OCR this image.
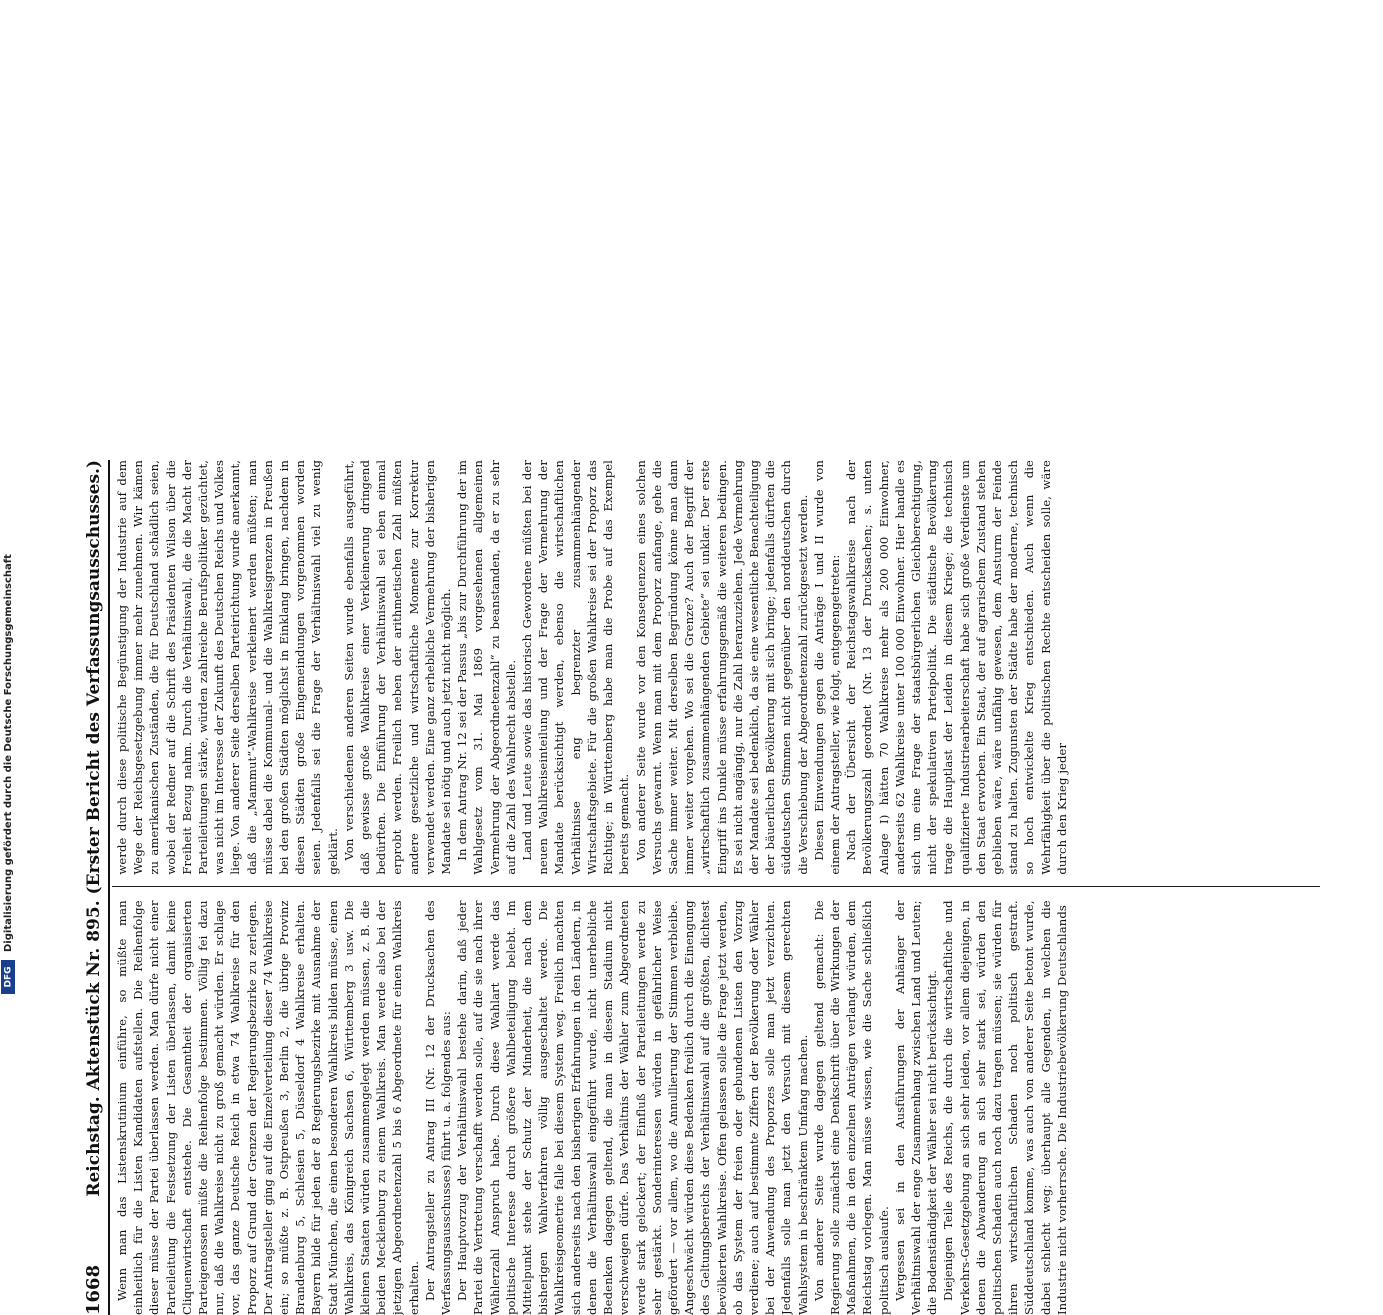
Digitalisierung gefördert durch die Deutsche Forschungsgemeinschaft
DFG
1668
Reichstag. Aktenstück Nr. 895. (Erster Bericht des Verfassungsausschusses.) Wenn man das Listenskrutinium einführe, so müßte man einheitlich für die Listen Kandidaten aufstellen. Die Reihenfolge dieser müsse der Partei überlassen werden. Man dürfe nicht einer Parteileitung die Festsetzung der Listen überlassen, damit keine Cliquenwirtschaft entstehe. Die Gesamtheit der organisierten Parteigenossen müßte die Reihenfolge bestimmen. Völlig fei dazu nur, daß die Wahlkreise nicht zu groß gemacht würden. Er schlage vor, das ganze Deutsche Reich in etwa 74 Wahlkreise für den Proporz auf Grund der Grenzen der Regierungsbezirke zu zerlegen. Der Antragsteller ging auf die Einzelverteilung dieser 74 Wahlkreise ein; so müßte z. B. Ostpreußen 3, Berlin 2, die übrige Provinz Brandenburg 5, Schlesien 5, Düsseldorf 4 Wahlkreise erhalten. Bayern bilde für jeden der 8 Regierungsbezirke mit Ausnahme der Stadt München, die einen besonderen Wahlkreis bilden müsse, einen Wahlkreis, das Königreich Sachsen 6, Württemberg 3 usw. Die kleinen Staaten würden zusammengelegt werden müssen, z. B. die beiden Mecklenburg zu einem Wahlkreis. Man werde also bei der jetzigen Abgeordnetenzahl 5 bis 6 Abgeordnete für einen Wahlkreis erhalten. Der Antragsteller zu Antrag III (Nr. 12 der Drucksachen des Verfassungsausschusses) führt u. a. folgendes aus: Der Hauptvorzug der Verhältniswahl bestehe darin, daß jeder Partei die Vertretung verschafft werden solle, auf die sie nach ihrer Wählerzahl Anspruch habe. Durch diese Wahlart werde das politische Interesse durch größere Wahlbeteiligung belebt. Im Mittelpunkt stehe der Schutz der Minderheit, die nach dem bisherigen Wahlverfahren völlig ausgeschaltet werde. Die Wahlkreisgeometrie falle bei diesem System weg. Freilich machten sich anderseits nach den bisherigen Erfahrungen in den Ländern, in denen die Verhältniswahl eingeführt wurde, nicht unerhebliche Bedenken dagegen geltend, die man in diesem Stadium nicht verschweigen dürfe. Das Verhältnis der Wähler zum Abgeordneten werde stark gelockert; der Einfluß der Parteileitungen werde zu sehr gestärkt. Sonderinteressen würden in gefährlicher Weise gefördert — vor allem, wo die Annullierung der Stimmen verbleibe. Angeschwächt würden diese Bedenken freilich durch die Einengung des Geltungsbereichs der Verhältniswahl auf die größten, dichtest bevölkerten Wahlkreise. Offen gelassen solle die Frage jetzt werden, ob das System der freien oder gebundenen Listen den Vorzug verdiene; auch auf bestimmte Ziffern der Bevölkerung oder Wähler bei der Anwendung des Proporzes solle man jetzt verzichten. Jedenfalls solle man jetzt den Versuch mit diesem gerechten Wahlsystem in beschränktem Umfang machen. Von anderer Seite wurde dagegen geltend gemacht: Die Regierung solle zunächst eine Denkschrift über die Wirkungen der Maßnahmen, die in den einzelnen Anträgen verlangt würden, dem Reichstag vorlegen. Man müsse wissen, wie die Sache schließlich politisch auslaufe. Vergessen sei in den Ausführungen der Anhänger der Verhältniswahl der enge Zusammenhang zwischen Land und Leuten; die Bodenständigkeit der Wähler sei nicht berücksichtigt. Diejenigen Teile des Reichs, die durch die wirtschaftliche und Verkehrs-Gesetzgebung an sich sehr leiden, vor allem diejenigen, in denen die Abwanderung an sich sehr stark sei, würden den politischen Schaden auch noch dazu tragen müssen; sie würden für ihren wirtschaftlichen Schaden noch politisch gestraft. Süddeutschland komme, was auch von anderer Seite betont wurde, dabei schlecht weg; überhaupt alle Gegenden, in welchen die Industrie nicht vorherrsche. Die Industriebevölkerung Deutschlands

werde durch diese politische Begünstigung der Industrie auf dem Wege der Reichsgesetzgebung immer mehr zunehmen. Wir kämen zu amerikanischen Zuständen, die für Deutschland schädlich seien, wobei der Redner auf die Schrift des Präsidenten Wilson über die Freiheit Bezug nahm. Durch die Verhältniswahl, die die Macht der Parteileitungen stärke, würden zahlreiche Berufspolitiker gezüchtet, was nicht im Interesse der Zukunft des Deutschen Reichs und Volkes liege. Von anderer Seite derselben Parteirichtung wurde anerkannt, daß die „Mammut“-Wahlkreise verkleinert werden müßten; man müsse dabei die Kommunal- und die Wahlkreisgrenzen in Preußen bei den großen Städten möglichst in Einklang bringen, nachdem in diesen Städten große Eingemeindungen vorgenommen worden seien. Jedenfalls sei die Frage der Verhältniswahl viel zu wenig geklärt. Von verschiedenen anderen Seiten wurde ebenfalls ausgeführt, daß gewisse große Wahlkreise einer Verkleinerung dringend bedürften. Die Einführung der Verhältniswahl sei eben einmal erprobt werden. Freilich neben der arithmetischen Zahl müßten andere gesetzliche und wirtschaftliche Momente zur Korrektur verwendet werden. Eine ganz erhebliche Vermehrung der bisherigen Mandate sei nötig und auch jetzt nicht möglich. In dem Antrag Nr. 12 sei der Passus „bis zur Durchführung der im Wahlgesetz vom 31. Mai 1869 vorgesehenen allgemeinen Vermehrung der Abgeordnetenzahl“ zu beanstanden, da er zu sehr auf die Zahl des Wahlrecht abstelle. Land und Leute sowie das historisch Gewordene müßten bei der neuen Wahlkreiseinteilung und der Frage der Vermehrung der Mandate berücksichtigt werden, ebenso die wirtschaftlichen Verhältnisse eng begrenzter zusammenhängender Wirtschaftsgebiete. Für die großen Wahlkreise sei der Proporz das Richtige; in Württemberg habe man die Probe auf das Exempel bereits gemacht. Von anderer Seite wurde vor den Konsequenzen eines solchen Versuchs gewarnt. Wenn man mit dem Proporz anfange, gehe die Sache immer weiter. Mit derselben Begründung könne man dann immer weiter vorgehen. Wo sei die Grenze? Auch der Begriff der „wirtschaftlich zusammenhängenden Gebiete“ sei unklar. Der erste Eingriff ins Dunkle müsse erfahrungsgemäß die weiteren bedingen. Es sei nicht angängig, nur die Zahl heranzuziehen. Jede Vermehrung der Mandate sei bedenklich, da sie eine wesentliche Benachteiligung der bäuerlichen Bevölkerung mit sich bringe; jedenfalls dürften die süddeutschen Stimmen nicht gegenüber den norddeutschen durch die Verschiebung der Abgeordnetenzahl zurückgesetzt werden. Diesen Einwendungen gegen die Anträge I und II wurde von einem der Antragsteller, wie folgt, entgegengetreten: Nach der Übersicht der Reichstagswahlkreise nach der Bevölkerungszahl geordnet (Nr. 13 der Drucksachen; s. unten Anlage I) hätten 70 Wahlkreise mehr als 200 000 Einwohner, anderseits 62 Wahlkreise unter 100 000 Einwohner. Hier handle es sich um eine Frage der staatsbürgerlichen Gleichberechtigung, nicht der spekulativen Parteipolitik. Die städtische Bevölkerung trage die Hauptlast der Leiden in diesem Kriege; die technisch qualifizierte Industriearbeiterschaft habe sich große Verdienste um den Staat erworben. Ein Staat, der auf agrarischem Zustand stehen geblieben wäre, wäre unfähig gewesen, dem Ansturm der Feinde stand zu halten. Zugunsten der Städte habe der moderne, technisch so hoch entwickelte Krieg entschieden. Auch wenn die Wehrfähigkeit über die politischen Rechte entscheiden solle, wäre durch den Krieg jeder
